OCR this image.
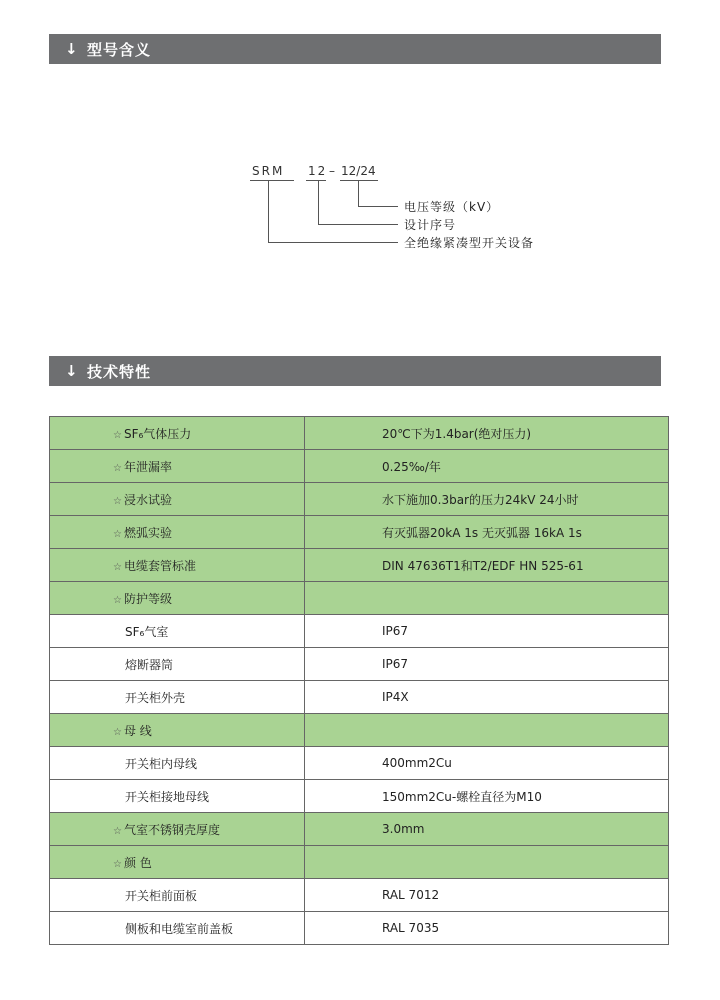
↓ 型号含义
SRM 12 – 12/24
电压等级（kV）
设计序号
全绝缘紧凑型开关设备
↓ 技术特性
☆ SF₆气体压力	20℃下为1.4bar(绝对压力)

☆ 年泄漏率	0.25‰/年

☆ 浸水试验	水下施加0.3bar的压力24kV 24小时

☆ 燃弧实验	有灭弧器20kA 1s 无灭弧器 16kA 1s

☆ 电缆套管标准	DIN 47636T1和T2/EDF HN 525-61

☆ 防护等级	

SF₆气室	IP67

熔断器筒	IP67

开关柜外壳	IP4X

☆ 母 线	

开关柜内母线	400mm2Cu

开关柜接地母线	150mm2Cu-螺栓直径为M10

☆ 气室不锈钢壳厚度	3.0mm

☆ 颜 色	

开关柜前面板	RAL 7012

侧板和电缆室前盖板	RAL 7035
